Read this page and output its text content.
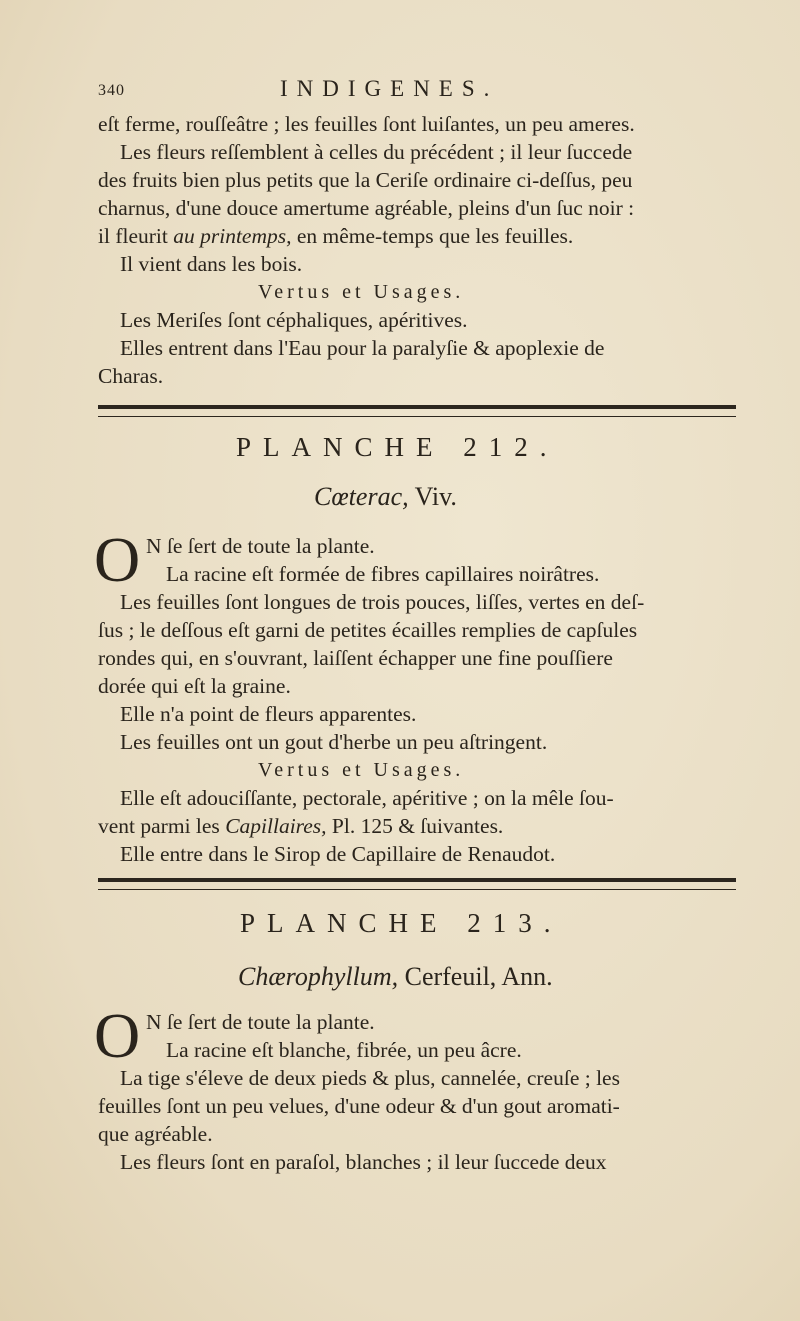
340	INDIGENES.
eſt ferme, rouſſeâtre ; les feuilles ſont luiſantes, un peu ameres.
Les fleurs reſſemblent à celles du précédent ; il leur ſuccede
des fruits bien plus petits que la Ceriſe ordinaire ci-deſſus, peu
charnus, d'une douce amertume agréable, pleins d'un ſuc noir :
il fleurit au printemps, en même-temps que les feuilles.
Il vient dans les bois.
Vertus et Usages.
Les Meriſes ſont céphaliques, apéritives.
Elles entrent dans l'Eau pour la paralyſie & apoplexie de
Charas.
PLANCHE 212.
Cœterac, Viv.
O N ſe ſert de toute la plante.
La racine eſt formée de fibres capillaires noirâtres.
Les feuilles ſont longues de trois pouces, liſſes, vertes en deſ-
ſus ; le deſſous eſt garni de petites écailles remplies de capſules
rondes qui, en s'ouvrant, laiſſent échapper une fine pouſſiere
dorée qui eſt la graine.
Elle n'a point de fleurs apparentes.
Les feuilles ont un gout d'herbe un peu aſtringent.
Vertus et Usages.
Elle eſt adouciſſante, pectorale, apéritive ; on la mêle ſou-
vent parmi les Capillaires, Pl. 125 & ſuivantes.
Elle entre dans le Sirop de Capillaire de Renaudot.
PLANCHE 213.
Chærophyllum, Cerfeuil, Ann.
O N ſe ſert de toute la plante.
La racine eſt blanche, fibrée, un peu âcre.
La tige s'éleve de deux pieds & plus, cannelée, creuſe ; les
feuilles ſont un peu velues, d'une odeur & d'un gout aromati-
que agréable.
Les fleurs ſont en paraſol, blanches ; il leur ſuccede deux
